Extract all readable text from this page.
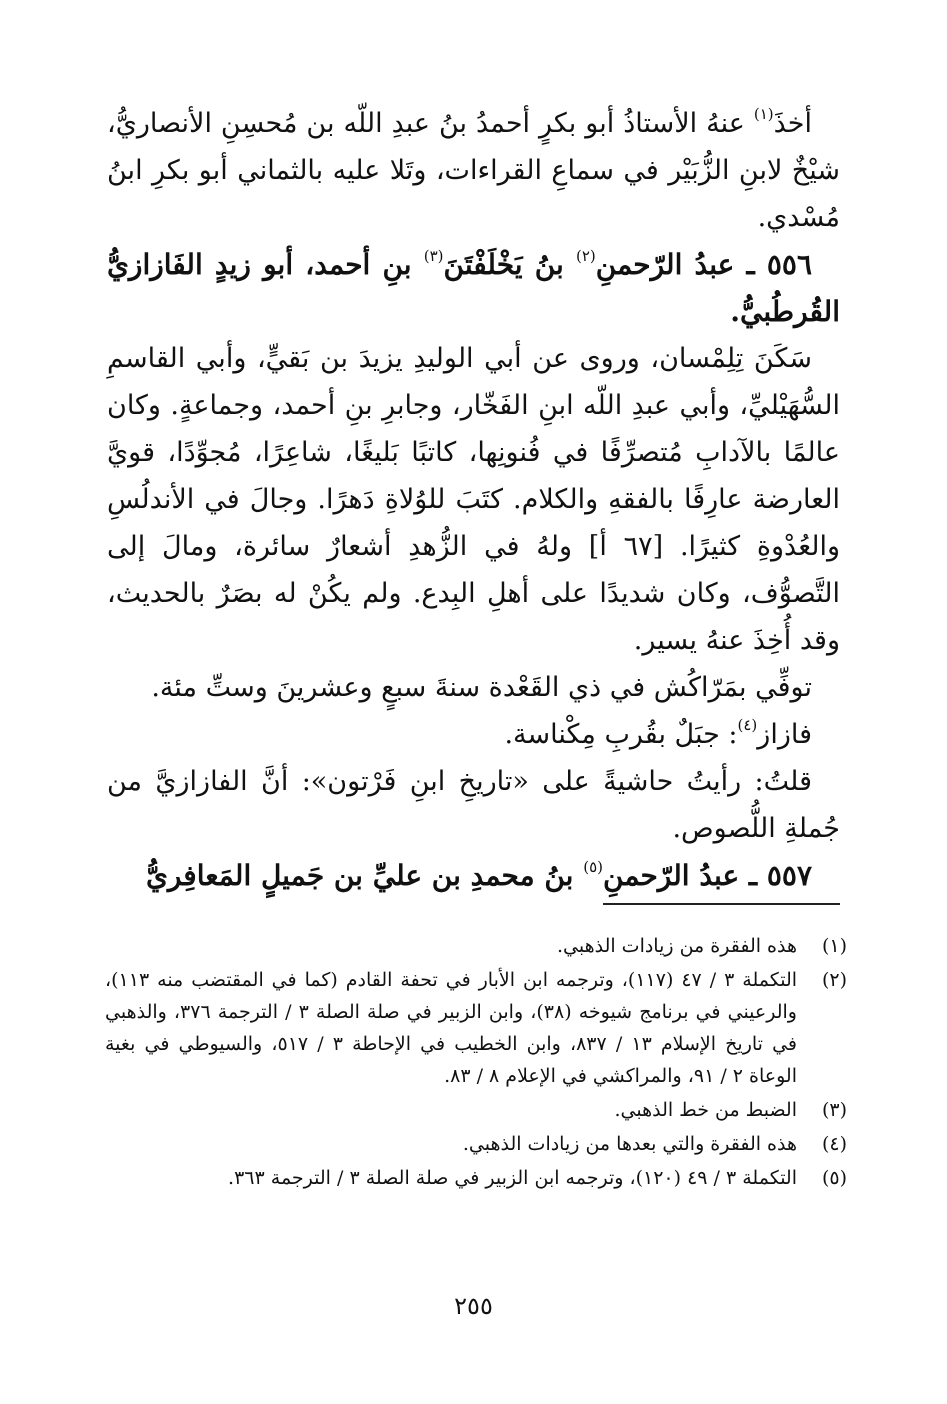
أخذَ$^{(١)}$ عنهُ الأستاذُ أبو بكرٍ أحمدُ بنُ عبدِ اللّه بن مُحسِنِ الأنصاريُّ، شيْخٌ لابنِ الزُّبَيْر في سماعِ القراءات، وتَلا عليه بالثماني أبو بكرِ ابنُ مُسْدي.

٥٥٦ ـ عبدُ الرّحمنِ$^{(٢)}$ بنُ يَخْلَفْتَنَ$^{(٣)}$ بنِ أحمد، أبو زيدٍ الفَازازيُّ القُرطُبيُّ.

سَكَنَ تِلِمْسان، وروى عن أبي الوليدِ يزيدَ بن بَقيٍّ، وأبي القاسمِ السُّهَيْليِّ، وأبي عبدِ اللّه ابنِ الفَخّار، وجابرِ بنِ أحمد، وجماعةٍ. وكان عالمًا بالآدابِ مُتصرِّفًا في فُنونِها، كاتبًا بَليغًا، شاعِرًا، مُجوِّدًا، قويَّ العارضة عارِفًا بالفقهِ والكلام. كتَبَ للوُلاةِ دَهرًا. وجالَ في الأندلُسِ والعُدْوةِ كثيرًا. [٦٧ أ] ولهُ في الزُّهدِ أشعارٌ سائرة، ومالَ إلى التَّصوُّف، وكان شديدًا على أهلِ البِدع. ولم يكُنْ له بصَرٌ بالحديث، وقد أُخِذَ عنهُ يسير.

توفِّي بمَرّاكُش في ذي القَعْدة سنةَ سبعٍ وعشرينَ وستِّ مئة.

فازاز$^{(٤)}$: جبَلٌ بقُربِ مِكْناسة.

قلتُ: رأيتُ حاشيةً على «تاريخِ ابنِ فَرْتون»: أنَّ الفازازيَّ من جُملةِ اللُّصوص.

٥٥٧ ـ عبدُ الرّحمنِ$^{(٥)}$ بنُ محمدِ بن عليِّ بن جَميلٍ المَعافِريُّ

(١)
هذه الفقرة من زيادات الذهبي.
(٢)
التكملة ٣ / ٤٧ (١١٧)، وترجمه ابن الأبار في تحفة القادم (كما في المقتضب منه ١١٣)، والرعيني في برنامج شيوخه (٣٨)، وابن الزبير في صلة الصلة ٣ / الترجمة ٣٧٦، والذهبي في تاريخ الإسلام ١٣ / ٨٣٧، وابن الخطيب في الإحاطة ٣ / ٥١٧، والسيوطي في بغية الوعاة ٢ / ٩١، والمراكشي في الإعلام ٨ / ٨٣.
(٣)
الضبط من خط الذهبي.
(٤)
هذه الفقرة والتي بعدها من زيادات الذهبي.
(٥)
التكملة ٣ / ٤٩ (١٢٠)، وترجمه ابن الزبير في صلة الصلة ٣ / الترجمة ٣٦٣.
٢٥٥
